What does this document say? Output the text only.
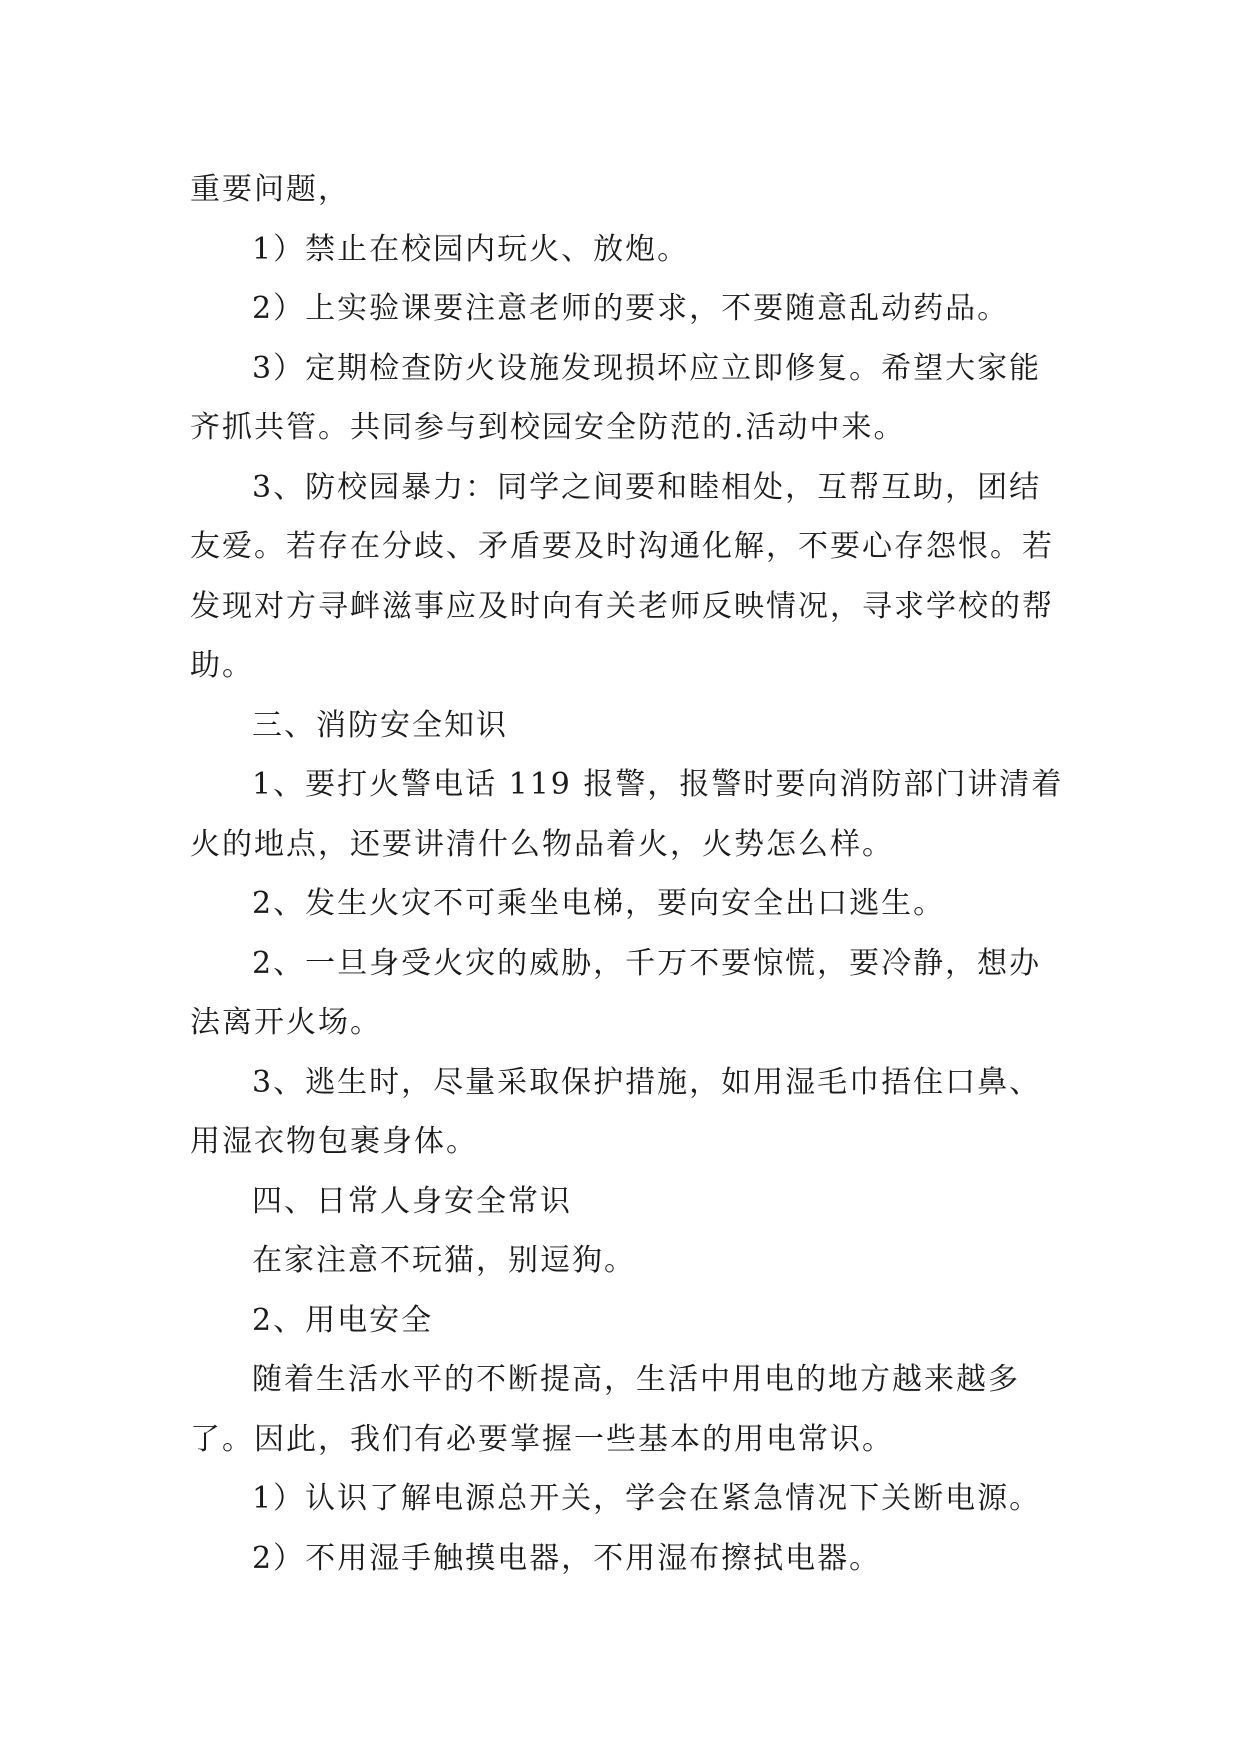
重要问题，

1）禁止在校园内玩火、放炮。

2）上实验课要注意老师的要求，不要随意乱动药品。

3）定期检查防火设施发现损坏应立即修复。希望大家能齐抓共管。共同参与到校园安全防范的.活动中来。

3、防校园暴力：同学之间要和睦相处，互帮互助，团结友爱。若存在分歧、矛盾要及时沟通化解，不要心存怨恨。若发现对方寻衅滋事应及时向有关老师反映情况，寻求学校的帮助。

三、消防安全知识

1、要打火警电话 119 报警，报警时要向消防部门讲清着火的地点，还要讲清什么物品着火，火势怎么样。

2、发生火灾不可乘坐电梯，要向安全出口逃生。

2、一旦身受火灾的威胁，千万不要惊慌，要冷静，想办法离开火场。

3、逃生时，尽量采取保护措施，如用湿毛巾捂住口鼻、用湿衣物包裹身体。

四、日常人身安全常识

在家注意不玩猫，别逗狗。

2、用电安全

随着生活水平的不断提高，生活中用电的地方越来越多了。因此，我们有必要掌握一些基本的用电常识。

1）认识了解电源总开关，学会在紧急情况下关断电源。

2）不用湿手触摸电器，不用湿布擦拭电器。
